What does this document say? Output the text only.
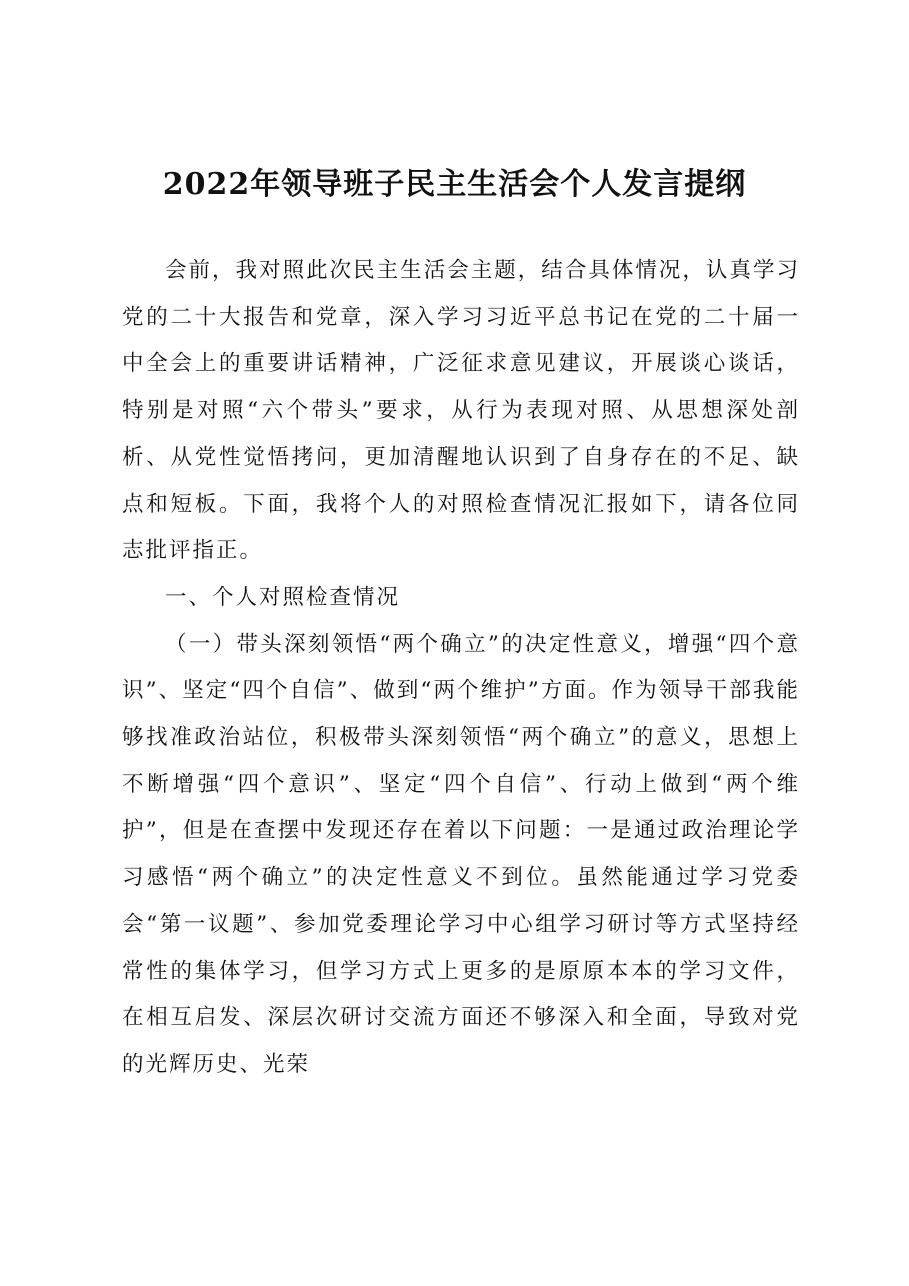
2022年领导班子民主生活会个人发言提纲

会前，我对照此次民主生活会主题，结合具体情况，认真学习党的二十大报告和党章，深入学习习近平总书记在党的二十届一中全会上的重要讲话精神，广泛征求意见建议，开展谈心谈话，特别是对照“六个带头”要求，从行为表现对照、从思想深处剖析、从党性觉悟拷问，更加清醒地认识到了自身存在的不足、缺点和短板。下面，我将个人的对照检查情况汇报如下，请各位同志批评指正。

一、个人对照检查情况

（一）带头深刻领悟“两个确立”的决定性意义，增强“四个意识”、坚定“四个自信”、做到“两个维护”方面。作为领导干部我能够找准政治站位，积极带头深刻领悟“两个确立”的意义，思想上不断增强“四个意识”、坚定“四个自信”、行动上做到“两个维护”，但是在查摆中发现还存在着以下问题：一是通过政治理论学习感悟“两个确立”的决定性意义不到位。虽然能通过学习党委会“第一议题”、参加党委理论学习中心组学习研讨等方式坚持经常性的集体学习，但学习方式上更多的是原原本本的学习文件，在相互启发、深层次研讨交流方面还不够深入和全面，导致对党的光辉历史、光荣
